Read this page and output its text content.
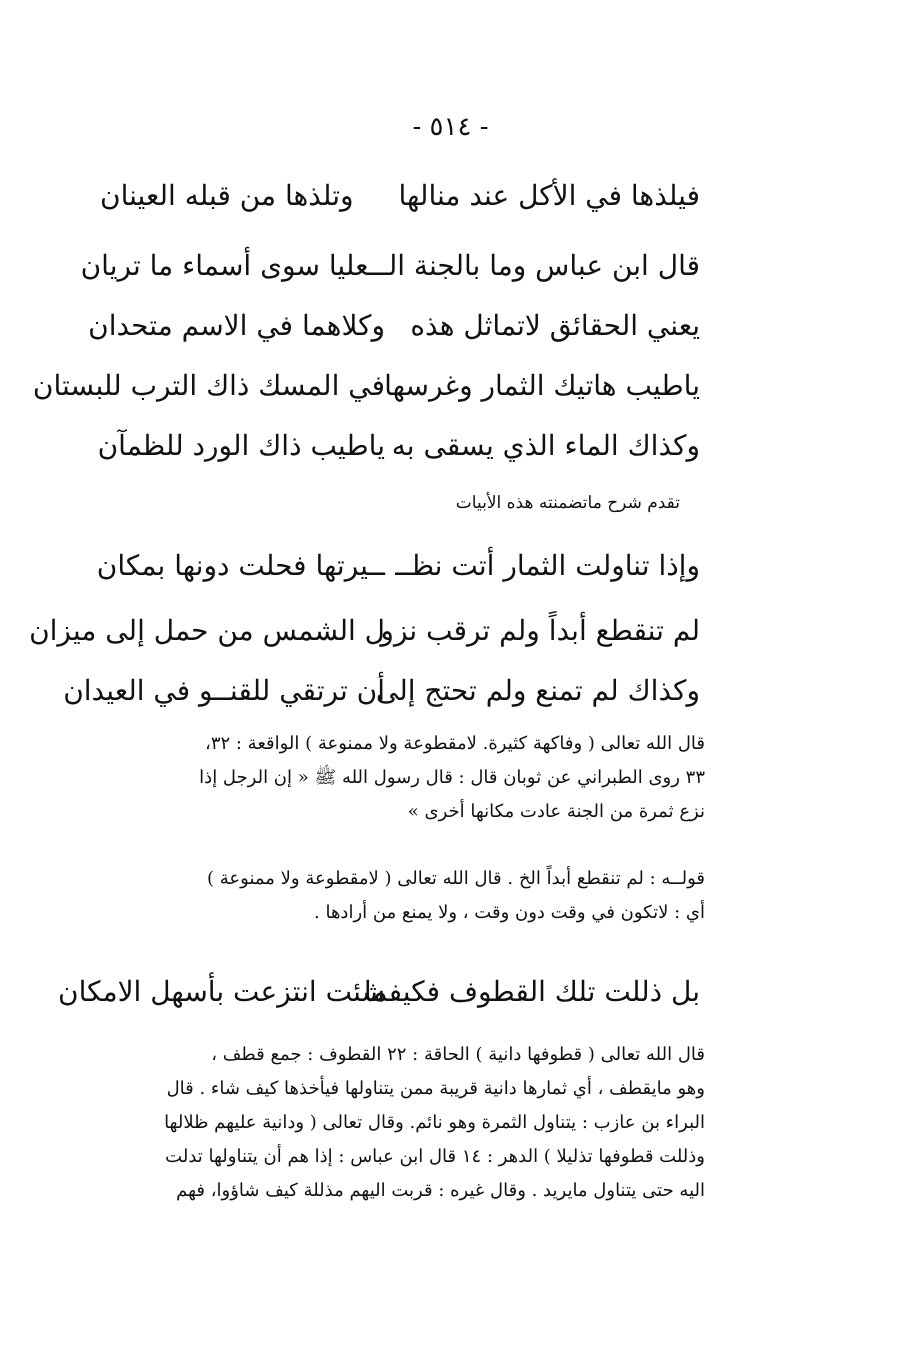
- ٥١٤ -
فيلذها في الأكل عند منالها
وتلذها من قبله العينان
قال ابن عباس وما بالجنة الــ
ــعليا سوى أسماء ما تريان
يعني الحقائق لاتماثل هذه
وكلاهما في الاسم متحدان
ياطيب هاتيك الثمار وغرسها
في المسك ذاك الترب للبستان
وكذاك الماء الذي يسقى به
ياطيب ذاك الورد للظمآن
تقدم شرح ماتضمنته هذه الأبيات
وإذا تناولت الثمار أتت نظــ
ــيرتها فحلت دونها بمكان
لم تنقطع أبداً ولم ترقب نزو
ل الشمس من حمل إلى ميزان
وكذاك لم تمنع ولم تحتج إلى
أن ترتقي للقنــو في العيدان

قال الله تعالى ( وفاكهة كثيرة. لامقطوعة ولا ممنوعة ) الواقعة : ٣٢،

٣٣ روى الطبراني عن ثوبان قال : قال رسول الله ﷺ « إن الرجل إذا

نزع ثمرة من الجنة عادت مكانها أخرى »

قولــه : لم تنقطع أبداً الخ . قال الله تعالى ( لامقطوعة ولا ممنوعة )

أي : لاتكون في وقت دون وقت ، ولا يمنع من أرادها .

بل ذللت تلك القطوف فكيفما
شئت انتزعت بأسهل الامكان

قال الله تعالى ( قطوفها دانية ) الحاقة : ٢٢ القطوف : جمع قطف ،

وهو مايقطف ، أي ثمارها دانية قريبة ممن يتناولها فيأخذها كيف شاء . قال

البراء بن عازب : يتناول الثمرة وهو نائم. وقال تعالى ( ودانية عليهم ظلالها

وذللت قطوفها تذليلا ) الدهر : ١٤ قال ابن عباس : إذا هم أن يتناولها تدلت

اليه حتى يتناول مايريد . وقال غيره : قربت اليهم مذللة كيف شاؤوا، فهم
